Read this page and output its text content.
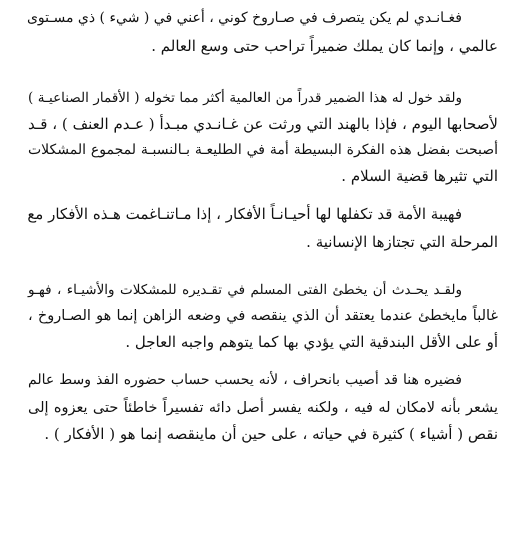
فغـانـدي لم يكن يتصرف في صـاروخ كوني ، أعني في ( شيء ) ذي مسـتوى
عالمي ، وإنما كان يملك ضميراً تراحب حتى وسع العالم .
ولقد خول له هذا الضمير قدراً من العالمية أكثر مما تخوله ( الأقمار الصناعيـة )
لأصحابها اليوم ، فإذا بالهند التي ورثت عن غـانـدي مبـدأ ( عـدم العنف ) ، قـد
أصبحت بفضل هذه الفكرة البسيطة أمة في الطليعـة بـالنسبـة لمجموع المشكلات
التي تثيرها قضية السلام .
فهيبة الأمة قد تكفلها لها أحيـانـاً الأفكار ، إذا مـاتنـاغمت هـذه الأفكار مع
المرحلة التي تجتازها الإنسانية .
ولقـد يحـدث أن يخطئ الفتى المسلم في تقـديره للمشكلات والأشيـاء ، فهـو
غالباً مايخطئ عندما يعتقد أن الذي ينقصه في وضعه الزاهن إنما هو الصـاروخ ،
أو على الأقل البندقية التي يؤدي بها كما يتوهم واجبه العاجل .
فضيره هنا قد أصيب بانحراف ، لأنه يحسب حساب حضوره الفذ وسط عالم
يشعر بأنه لامكان له فيه ، ولكنه يفسر أصل دائه تفسيراً خاطئاً حتى يعزوه إلى
نقص ( أشياء ) كثيرة في حياته ، على حين أن ماينقصه إنما هو ( الأفكار ) .
